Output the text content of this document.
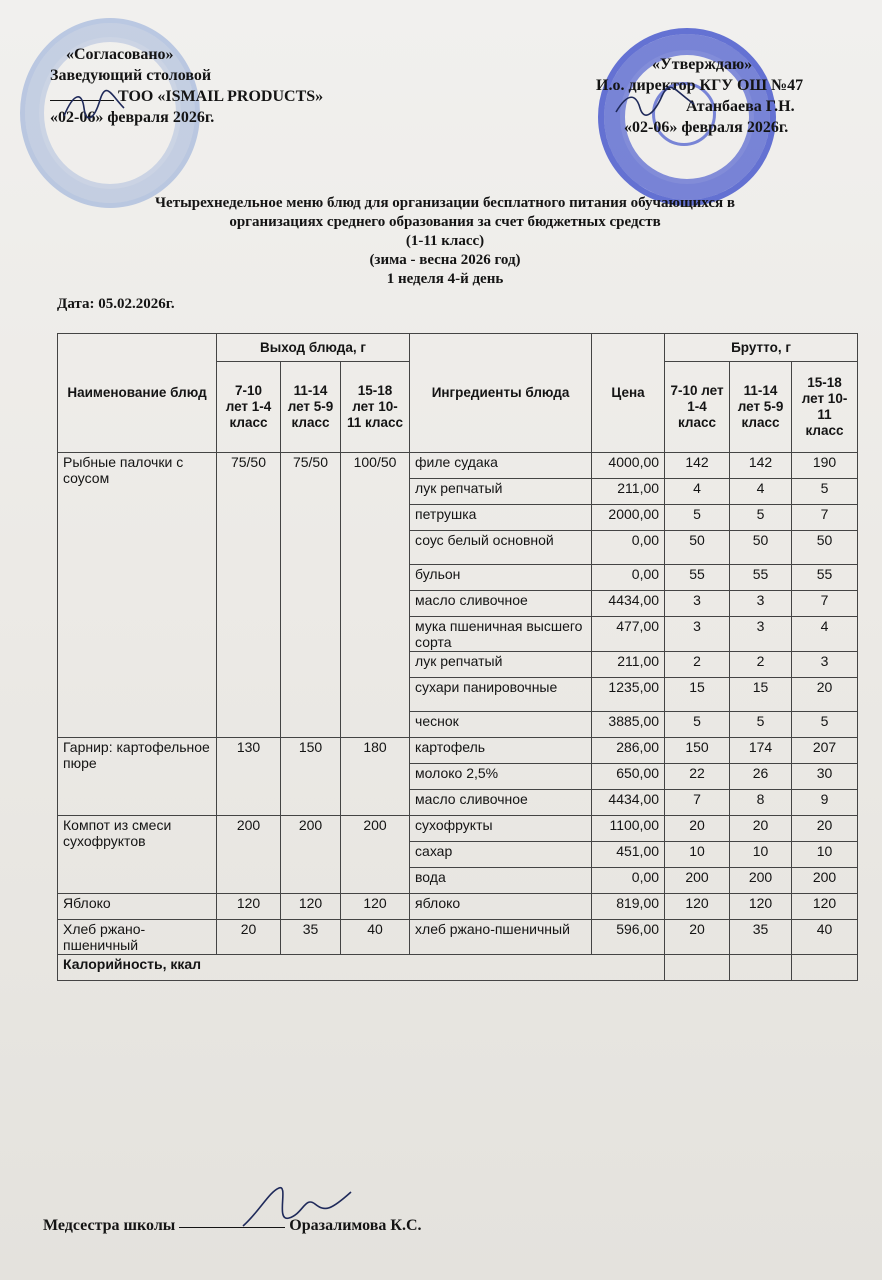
«Согласовано»
Заведующий столовой
ТОО «ISMAIL PRODUCTS»
«02-06» февраля 2026г.
«Утверждаю»
И.о. директор КГУ ОШ №47
Атанбаева Г.Н.
«02-06» февраля 2026г.
Четырехнедельное меню блюд для организации бесплатного питания обучающихся в
организациях среднего образования за счет бюджетных средств
(1-11 класс)
(зима - весна 2026 год)
1 неделя 4-й день
Дата: 05.02.2026г.
Наименование блюд	Выход блюда, г			Ингредиенты блюда	Цена	Брутто, г		
	7-10 лет 1-4 класс	11-14 лет 5-9 класс	15-18 лет 10-11 класс			7-10 лет 1-4 класс	11-14 лет 5-9 класс	15-18 лет 10-11 класс
Рыбные палочки с соусом	75/50	75/50	100/50	филе судака	4000,00	142	142	190
				лук репчатый	211,00	4	4	5
				петрушка	2000,00	5	5	7
				соус белый основной	0,00	50	50	50
				бульон	0,00	55	55	55
				масло сливочное	4434,00	3	3	7
				мука пшеничная высшего сорта	477,00	3	3	4
				лук репчатый	211,00	2	2	3
				сухари панировочные	1235,00	15	15	20
				чеснок	3885,00	5	5	5
Гарнир: картофельное пюре	130	150	180	картофель	286,00	150	174	207
				молоко 2,5%	650,00	22	26	30
				масло сливочное	4434,00	7	8	9
Компот из смеси сухофруктов	200	200	200	сухофрукты	1100,00	20	20	20
				сахар	451,00	10	10	10
				вода	0,00	200	200	200
Яблоко	120	120	120	яблоко	819,00	120	120	120
Хлеб ржано-пшеничный	20	35	40	хлеб ржано-пшеничный	596,00	20	35	40
Калорийность, ккал								
Медсестра школы	Оразалимова К.С.
